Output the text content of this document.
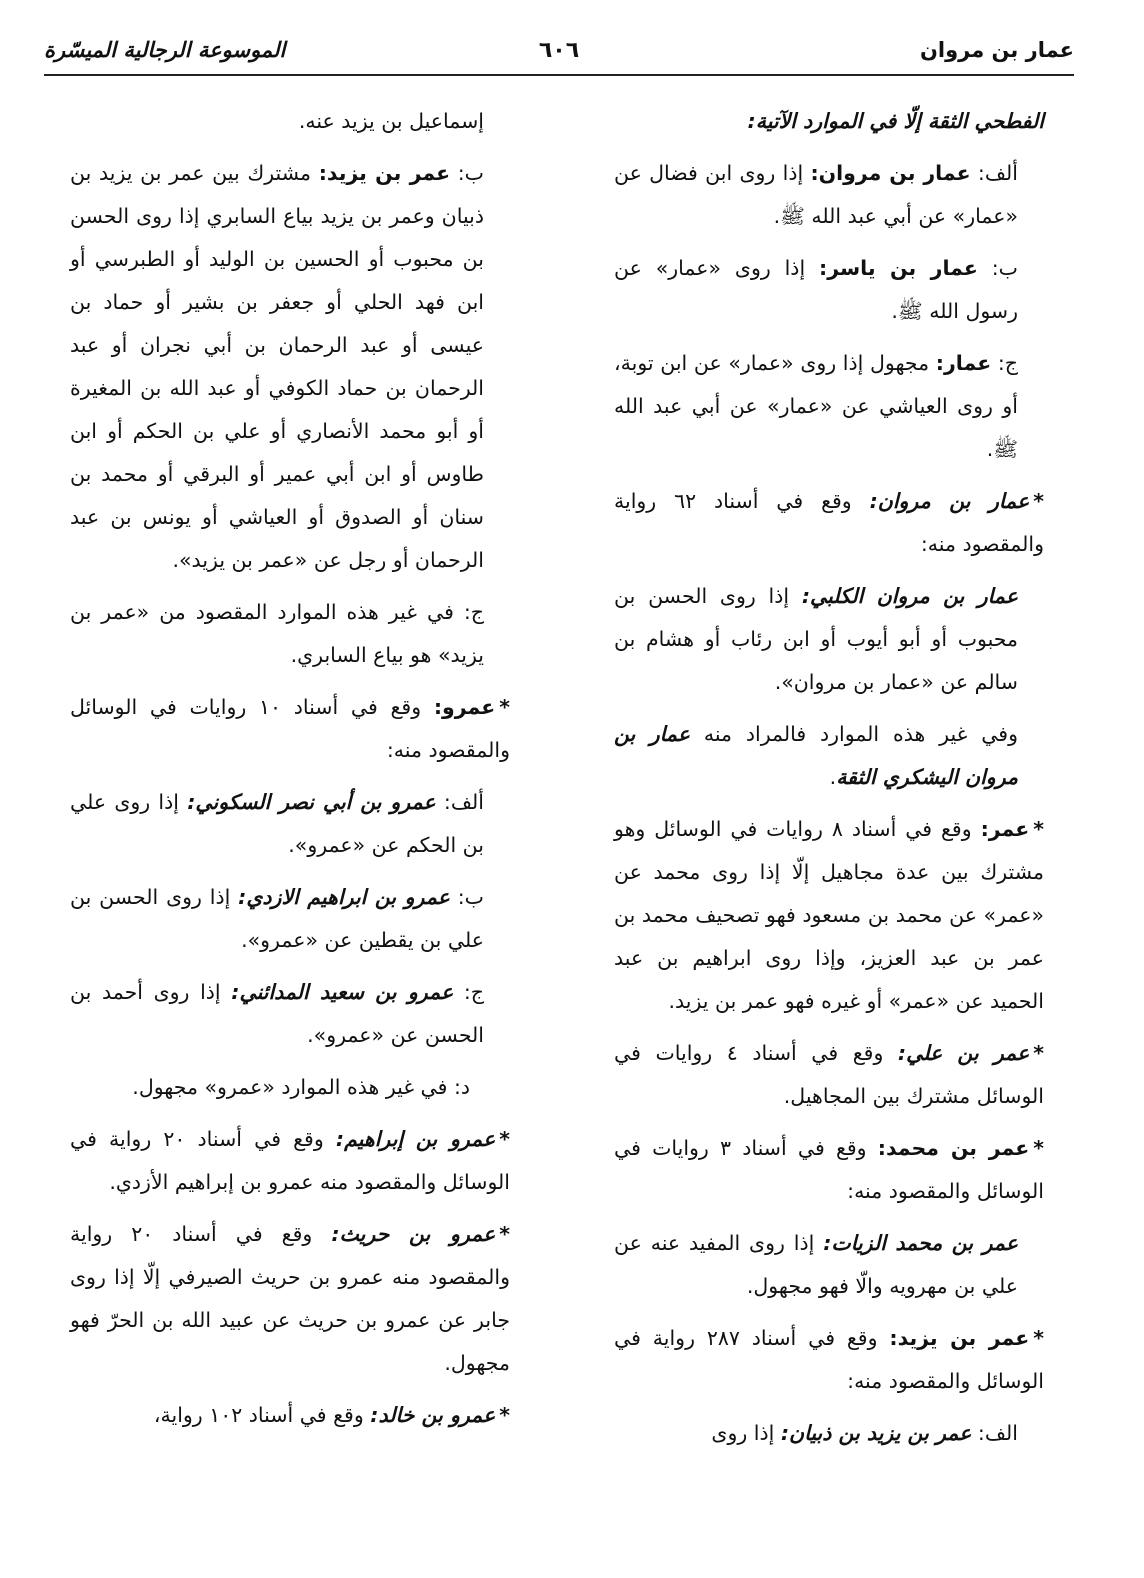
عمار بن مروان
٦٠٦
الموسوعة الرجالية الميسّرة

الفطحي الثقة إلّا في الموارد الآتية:

ألف: عمار بن مروان: إذا روى ابن فضال عن «عمار» عن أبي عبد الله ﷺ.

ب: عمار بن ياسر: إذا روى «عمار» عن رسول الله ﷺ.

ج: عمار: مجهول إذا روى «عمار» عن ابن توبة، أو روى العياشي عن «عمار» عن أبي عبد الله ﷺ.

*عمار بن مروان: وقع في أسناد ٦٢ رواية والمقصود منه:

عمار بن مروان الكلبي: إذا روى الحسن بن محبوب أو أبو أيوب أو ابن رئاب أو هشام بن سالم عن «عمار بن مروان».

وفي غير هذه الموارد فالمراد منه عمار بن مروان اليشكري الثقة.

*عمر: وقع في أسناد ٨ روايات في الوسائل وهو مشترك بين عدة مجاهيل إلّا إذا روى محمد عن «عمر» عن محمد بن مسعود فهو تصحيف محمد بن عمر بن عبد العزيز، وإذا روى ابراهيم بن عبد الحميد عن «عمر» أو غيره فهو عمر بن يزيد.

*عمر بن علي: وقع في أسناد ٤ روايات في الوسائل مشترك بين المجاهيل.

*عمر بن محمد: وقع في أسناد ٣ روايات في الوسائل والمقصود منه:

عمر بن محمد الزيات: إذا روى المفيد عنه عن علي بن مهرويه والّا فهو مجهول.

*عمر بن يزيد: وقع في أسناد ٢٨٧ رواية في الوسائل والمقصود منه:

الف: عمر بن يزيد بن ذبيان: إذا روى

إسماعيل بن يزيد عنه.

ب: عمر بن يزيد: مشترك بين عمر بن يزيد بن ذبيان وعمر بن يزيد بياع السابري إذا روى الحسن بن محبوب أو الحسين بن الوليد أو الطبرسي أو ابن فهد الحلي أو جعفر بن بشير أو حماد بن عيسى أو عبد الرحمان بن أبي نجران أو عبد الرحمان بن حماد الكوفي أو عبد الله بن المغيرة أو أبو محمد الأنصاري أو علي بن الحكم أو ابن طاوس أو ابن أبي عمير أو البرقي أو محمد بن سنان أو الصدوق أو العياشي أو يونس بن عبد الرحمان أو رجل عن «عمر بن يزيد».

ج: في غير هذه الموارد المقصود من «عمر بن يزيد» هو بياع السابري.

*عمرو: وقع في أسناد ١٠ روايات في الوسائل والمقصود منه:

ألف: عمرو بن أبي نصر السكوني: إذا روى علي بن الحكم عن «عمرو».

ب: عمرو بن ابراهيم الازدي: إذا روى الحسن بن علي بن يقطين عن «عمرو».

ج: عمرو بن سعيد المدائني: إذا روى أحمد بن الحسن عن «عمرو».

د: في غير هذه الموارد «عمرو» مجهول.

*عمرو بن إبراهيم: وقع في أسناد ٢٠ رواية في الوسائل والمقصود منه عمرو بن إبراهيم الأزدي.

*عمرو بن حريث: وقع في أسناد ٢٠ رواية والمقصود منه عمرو بن حريث الصيرفي إلّا إذا روى جابر عن عمرو بن حريث عن عبيد الله بن الحرّ فهو مجهول.

*عمرو بن خالد: وقع في أسناد ١٠٢ رواية،
